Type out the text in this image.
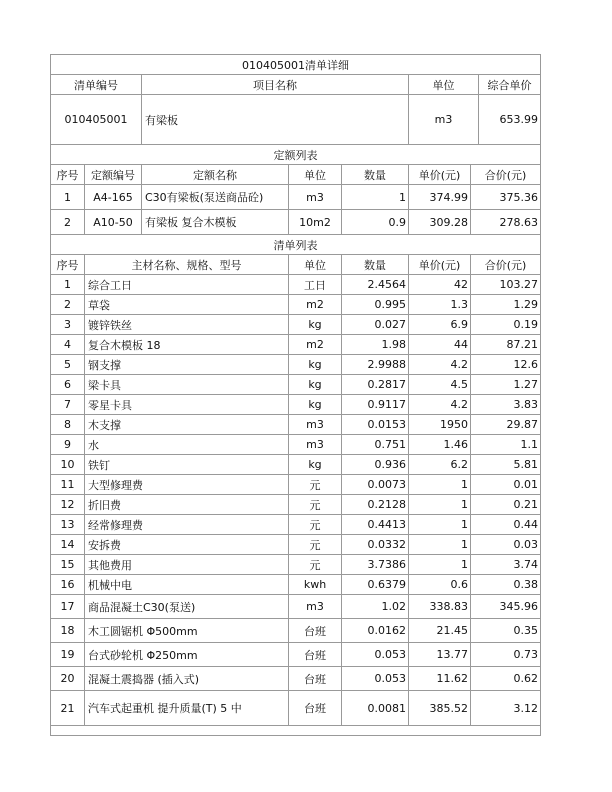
010405001清单详细
清单编号	项目名称	单位	综合单价
010405001	有梁板	m3	653.99
定额列表
序号	定额编号	定额名称	单位	数量	单价(元)	合价(元)
1	A4-165	C30有梁板(泵送商品砼)	m3	1	374.99	375.36
2	A10-50	有梁板 复合木模板	10m2	0.9	309.28	278.63
清单列表
序号	主材名称、规格、型号	单位	数量	单价(元)	合价(元)
1	综合工日	工日	2.4564	42	103.27
2	草袋	m2	0.995	1.3	1.29
3	镀锌铁丝	kg	0.027	6.9	0.19
4	复合木模板 18	m2	1.98	44	87.21
5	钢支撑	kg	2.9988	4.2	12.6
6	梁卡具	kg	0.2817	4.5	1.27
7	零星卡具	kg	0.9117	4.2	3.83
8	木支撑	m3	0.0153	1950	29.87
9	水	m3	0.751	1.46	1.1
10	铁钉	kg	0.936	6.2	5.81
11	大型修理费	元	0.0073	1	0.01
12	折旧费	元	0.2128	1	0.21
13	经常修理费	元	0.4413	1	0.44
14	安拆费	元	0.0332	1	0.03
15	其他费用	元	3.7386	1	3.74
16	机械中电	kwh	0.6379	0.6	0.38
17	商品混凝土C30(泵送)	m3	1.02	338.83	345.96
18	木工圆锯机 Φ500mm	台班	0.0162	21.45	0.35
19	台式砂轮机 Φ250mm	台班	0.053	13.77	0.73
20	混凝土震捣器 (插入式)	台班	0.053	11.62	0.62
21	汽车式起重机 提升质量(T) 5 中	台班	0.0081	385.52	3.12
